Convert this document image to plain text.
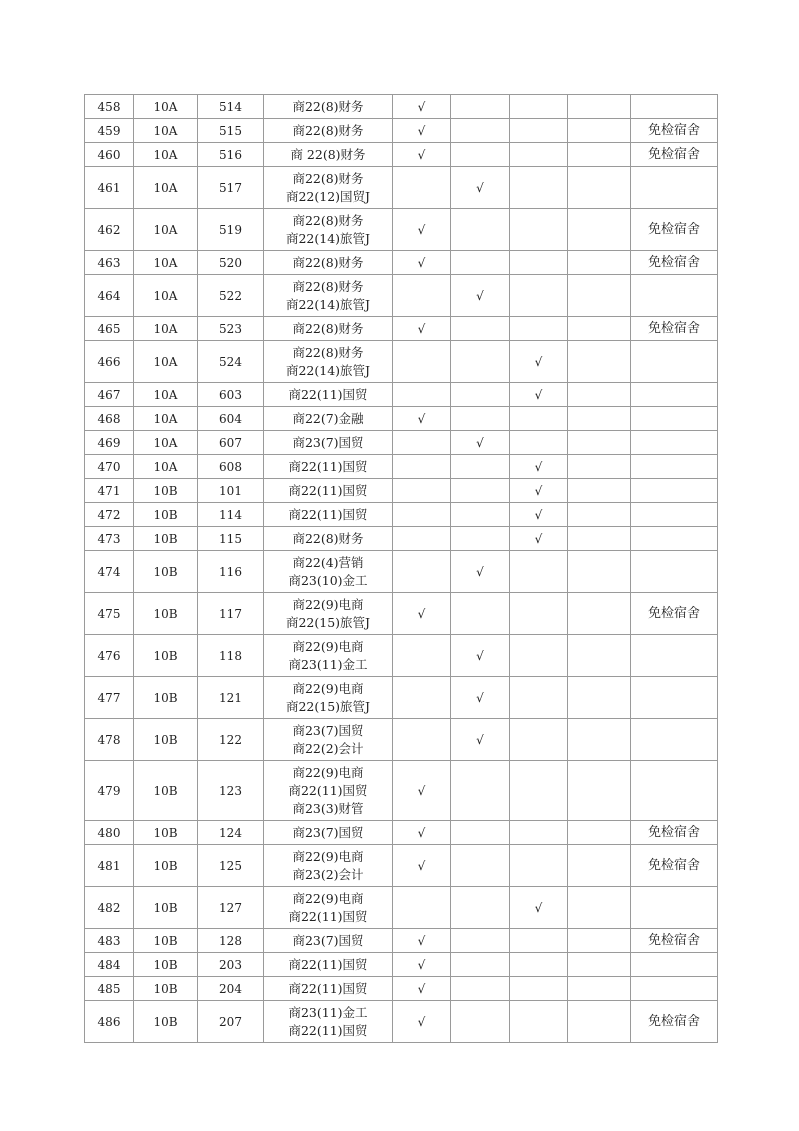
458	10A	514	商22(8)财务	√				
459	10A	515	商22(8)财务	√				免检宿舍
460	10A	516	商 22(8)财务	√				免检宿舍
461	10A	517	商22(8)财务
商22(12)国贸J		√			
462	10A	519	商22(8)财务
商22(14)旅管J	√				免检宿舍
463	10A	520	商22(8)财务	√				免检宿舍
464	10A	522	商22(8)财务
商22(14)旅管J		√			
465	10A	523	商22(8)财务	√				免检宿舍
466	10A	524	商22(8)财务
商22(14)旅管J			√		
467	10A	603	商22(11)国贸			√		
468	10A	604	商22(7)金融	√				
469	10A	607	商23(7)国贸		√			
470	10A	608	商22(11)国贸			√		
471	10B	101	商22(11)国贸			√		
472	10B	114	商22(11)国贸			√		
473	10B	115	商22(8)财务			√		
474	10B	116	商22(4)营销
商23(10)金工		√			
475	10B	117	商22(9)电商
商22(15)旅管J	√				免检宿舍
476	10B	118	商22(9)电商
商23(11)金工		√			
477	10B	121	商22(9)电商
商22(15)旅管J		√			
478	10B	122	商23(7)国贸
商22(2)会计		√			
479	10B	123	商22(9)电商
商22(11)国贸
商23(3)财管	√				
480	10B	124	商23(7)国贸	√				免检宿舍
481	10B	125	商22(9)电商
商23(2)会计	√				免检宿舍
482	10B	127	商22(9)电商
商22(11)国贸			√		
483	10B	128	商23(7)国贸	√				免检宿舍
484	10B	203	商22(11)国贸	√				
485	10B	204	商22(11)国贸	√				
486	10B	207	商23(11)金工
商22(11)国贸	√				免检宿舍
